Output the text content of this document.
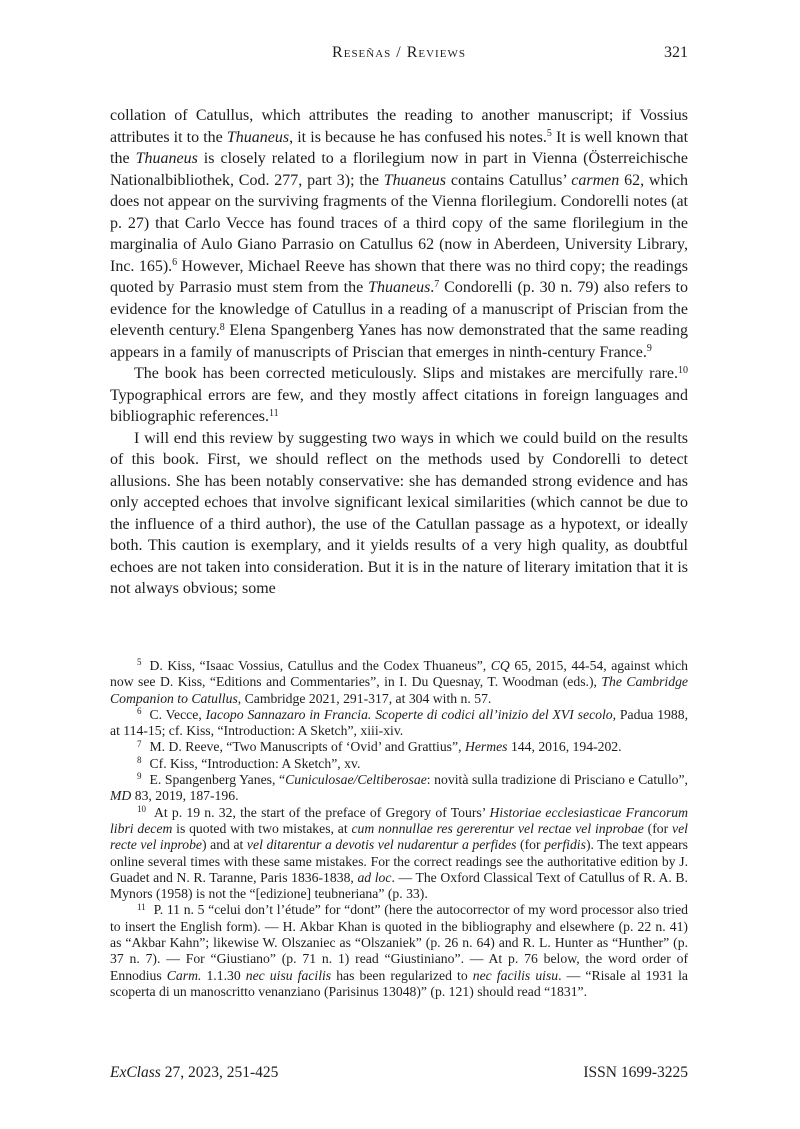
Reseñas / Reviews	321

collation of Catullus, which attributes the reading to another manuscript; if Vossius attributes it to the Thuaneus, it is because he has confused his notes.$^5$ It is well known that the Thuaneus is closely related to a florilegium now in part in Vienna (Österreichische Nationalbibliothek, Cod. 277, part 3); the Thuaneus contains Catullus’ carmen 62, which does not appear on the surviving fragments of the Vienna florilegium. Condorelli notes (at p. 27) that Carlo Vecce has found traces of a third copy of the same florilegium in the marginalia of Aulo Giano Parrasio on Catullus 62 (now in Aberdeen, University Library, Inc. 165).$^6$ However, Michael Reeve has shown that there was no third copy; the readings quoted by Parrasio must stem from the Thuaneus.$^7$ Condorelli (p. 30 n. 79) also refers to evidence for the knowledge of Catullus in a reading of a manuscript of Priscian from the eleventh century.$^8$ Elena Spangenberg Yanes has now demonstrated that the same reading appears in a family of manuscripts of Priscian that emerges in ninth-century France.$^9$

The book has been corrected meticulously. Slips and mistakes are mercifully rare.$^{10}$ Typographical errors are few, and they mostly affect citations in foreign languages and bibliographic references.$^{11}$

I will end this review by suggesting two ways in which we could build on the results of this book. First, we should reflect on the methods used by Condorelli to detect allusions. She has been notably conservative: she has demanded strong evidence and has only accepted echoes that involve significant lexical similarities (which cannot be due to the influence of a third author), the use of the Catullan passage as a hypotext, or ideally both. This caution is exemplary, and it yields results of a very high quality, as doubtful echoes are not taken into consideration. But it is in the nature of literary imitation that it is not always obvious; some

$^5$ D. Kiss, “Isaac Vossius, Catullus and the Codex Thuaneus”, CQ 65, 2015, 44-54, against which now see D. Kiss, “Editions and Commentaries”, in I. Du Quesnay, T. Woodman (eds.), The Cambridge Companion to Catullus, Cambridge 2021, 291-317, at 304 with n. 57.

$^6$ C. Vecce, Iacopo Sannazaro in Francia. Scoperte di codici all’inizio del XVI secolo, Padua 1988, at 114-15; cf. Kiss, “Introduction: A Sketch”, xiii-xiv.

$^7$ M. D. Reeve, “Two Manuscripts of ‘Ovid’ and Grattius”, Hermes 144, 2016, 194-202.

$^8$ Cf. Kiss, “Introduction: A Sketch”, xv.

$^9$ E. Spangenberg Yanes, “Cuniculosae/Celtiberosae: novità sulla tradizione di Prisciano e Catullo”, MD 83, 2019, 187-196.

$^{10}$ At p. 19 n. 32, the start of the preface of Gregory of Tours’ Historiae ecclesiasticae Francorum libri decem is quoted with two mistakes, at cum nonnullae res gererentur vel rectae vel inprobae (for vel recte vel inprobe) and at vel ditarentur a devotis vel nudarentur a perfides (for perfidis). The text appears online several times with these same mistakes. For the correct readings see the authoritative edition by J. Guadet and N. R. Taranne, Paris 1836-1838, ad loc. — The Oxford Classical Text of Catullus of R. A. B. Mynors (1958) is not the “[edizione] teubneriana” (p. 33).

$^{11}$ P. 11 n. 5 “celui don’t l’étude” for “dont” (here the autocorrector of my word processor also tried to insert the English form). — H. Akbar Khan is quoted in the bibliography and elsewhere (p. 22 n. 41) as “Akbar Kahn”; likewise W. Olszaniec as “Olszaniek” (p. 26 n. 64) and R. L. Hunter as “Hunther” (p. 37 n. 7). — For “Giustiano” (p. 71 n. 1) read “Giustiniano”. — At p. 76 below, the word order of Ennodius Carm. 1.1.30 nec uisu facilis has been regularized to nec facilis uisu. — “Risale al 1931 la scoperta di un manoscritto venanziano (Parisinus 13048)” (p. 121) should read “1831”.

ExClass 27, 2023, 251-425	ISSN 1699-3225
